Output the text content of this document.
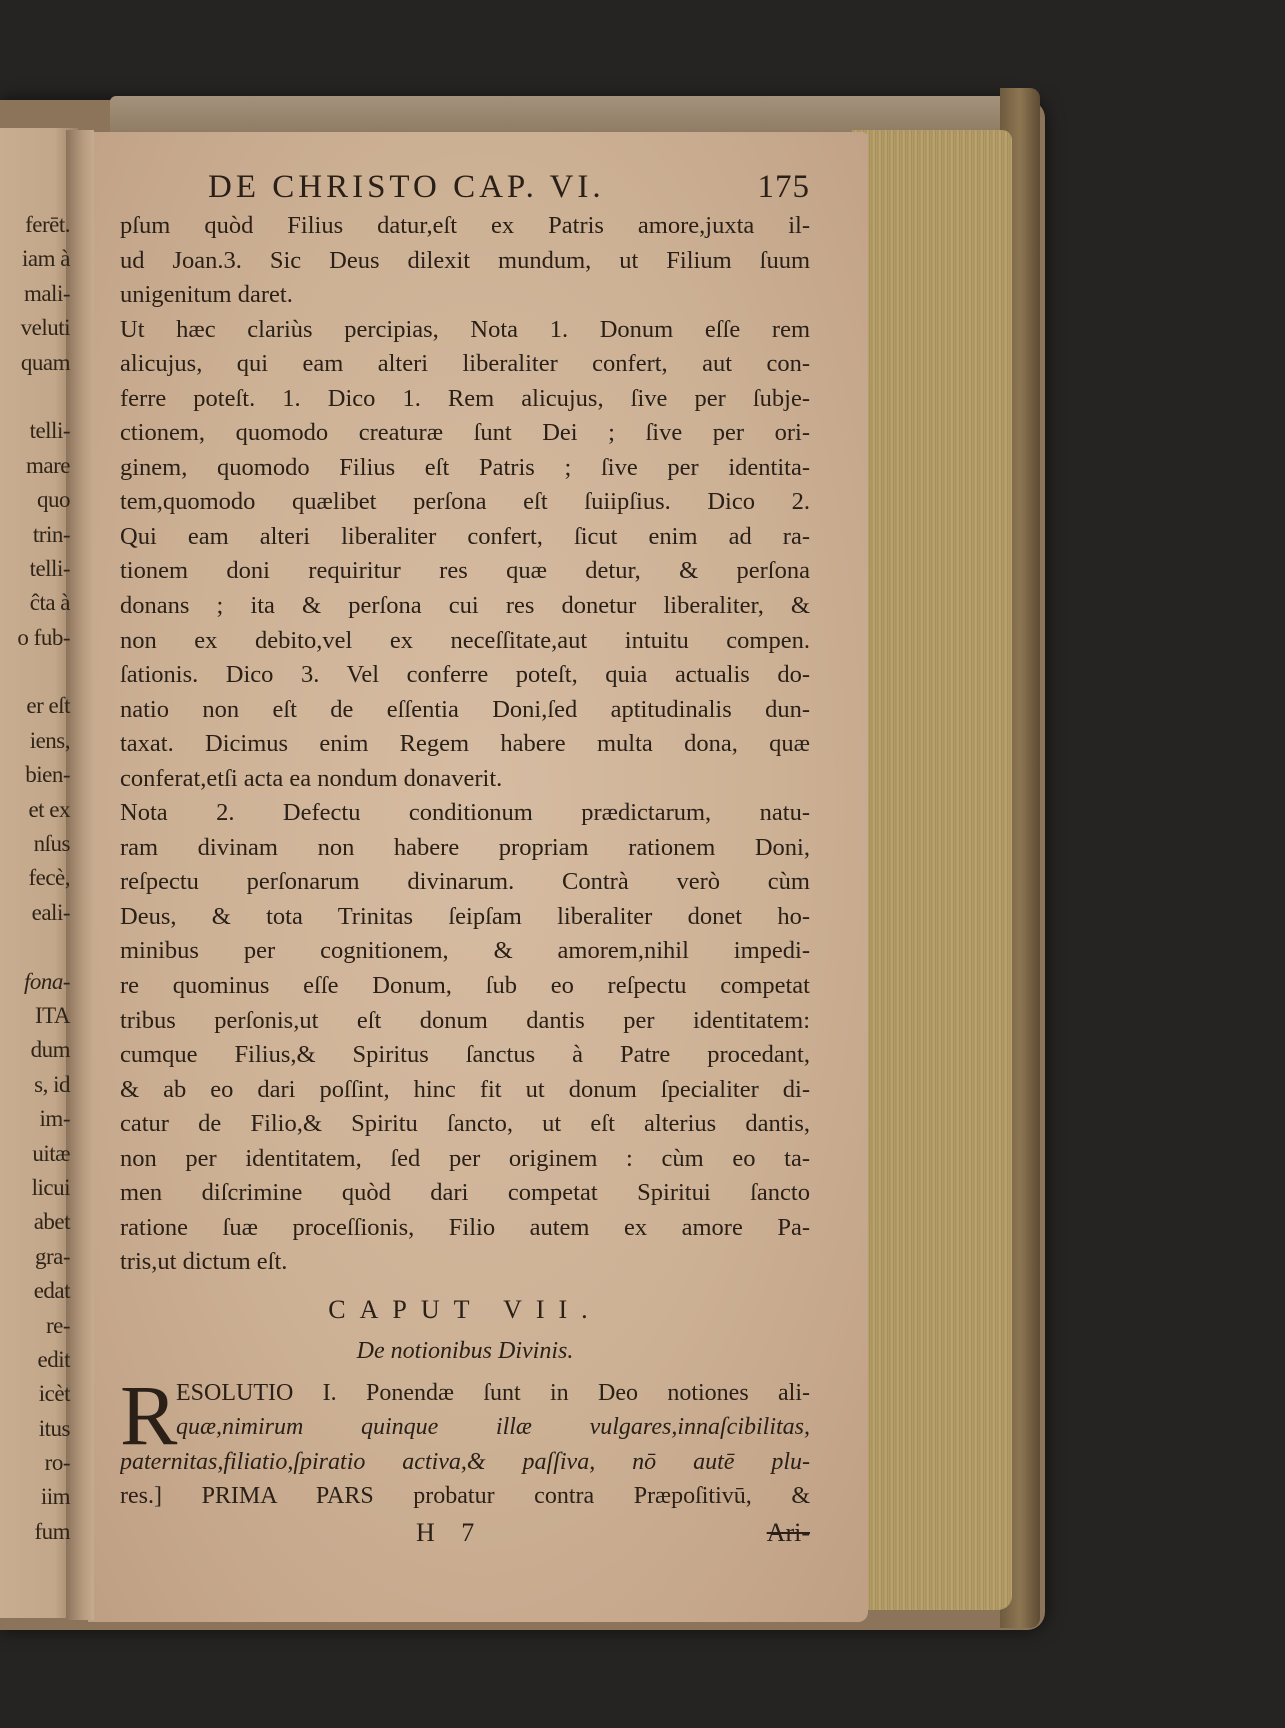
ferēt.
iam à
mali-
veluti
quam
telli-
mare
quo
trin-
telli-
ĉta à
o fub-
er eſt
iens,
bien-
et ex
nſus
fecè,
eali-
fona-
ITA
dum
s, id
im-
uitæ
licui
abet
gra-
edat
re-
edit
icèt
itus
ro-
iim
fum
DE CHRISTO CAP. VI.	175
pſum quòd Filius datur,eſt ex Patris amore,juxta il-
ud Joan.3. Sic Deus dilexit mundum, ut Filium ſuum
unigenitum daret.
Ut hæc clariùs percipias, Nota 1. Donum eſſe rem
alicujus, qui eam alteri liberaliter confert, aut con-
ferre poteſt. 1. Dico 1. Rem alicujus, ſive per ſubje-
ctionem, quomodo creaturæ ſunt Dei ; ſive per ori-
ginem, quomodo Filius eſt Patris ; ſive per identita-
tem,quomodo quælibet perſona eſt ſuiipſius. Dico 2.
Qui eam alteri liberaliter confert, ſicut enim ad ra-
tionem doni requiritur res quæ detur, & perſona
donans ; ita & perſona cui res donetur liberaliter, &
non ex debito,vel ex neceſſitate,aut intuitu compen.
ſationis. Dico 3. Vel conferre poteſt, quia actualis do-
natio non eſt de eſſentia Doni,ſed aptitudinalis dun-
taxat. Dicimus enim Regem habere multa dona, quæ
conferat,etſi acta ea nondum donaverit.
Nota 2. Defectu conditionum prædictarum, natu-
ram divinam non habere propriam rationem Doni,
reſpectu perſonarum divinarum. Contrà verò cùm
Deus, & tota Trinitas ſeipſam liberaliter donet ho-
minibus per cognitionem, & amorem,nihil impedi-
re quominus eſſe Donum, ſub eo reſpectu competat
tribus perſonis,ut eſt donum dantis per identitatem:
cumque Filius,& Spiritus ſanctus à Patre procedant,
& ab eo dari poſſint, hinc fit ut donum ſpecialiter di-
catur de Filio,& Spiritu ſancto, ut eſt alterius dantis,
non per identitatem, ſed per originem : cùm eo ta-
men diſcrimine quòd dari competat Spiritui ſancto
ratione ſuæ proceſſionis, Filio autem ex amore Pa-
tris,ut dictum eſt.
CAPUT VII.
De notionibus Divinis.
R
ESOLUTIO I. Ponendæ ſunt in Deo notiones ali-
quæ,nimirum quinque illæ vulgares,innaſcibilitas,
paternitas,filiatio,ſpiratio activa,& paſſiva, nō autē plu-
res.] PRIMA PARS probatur contra Præpoſitivū, &
H 7	Ari-
